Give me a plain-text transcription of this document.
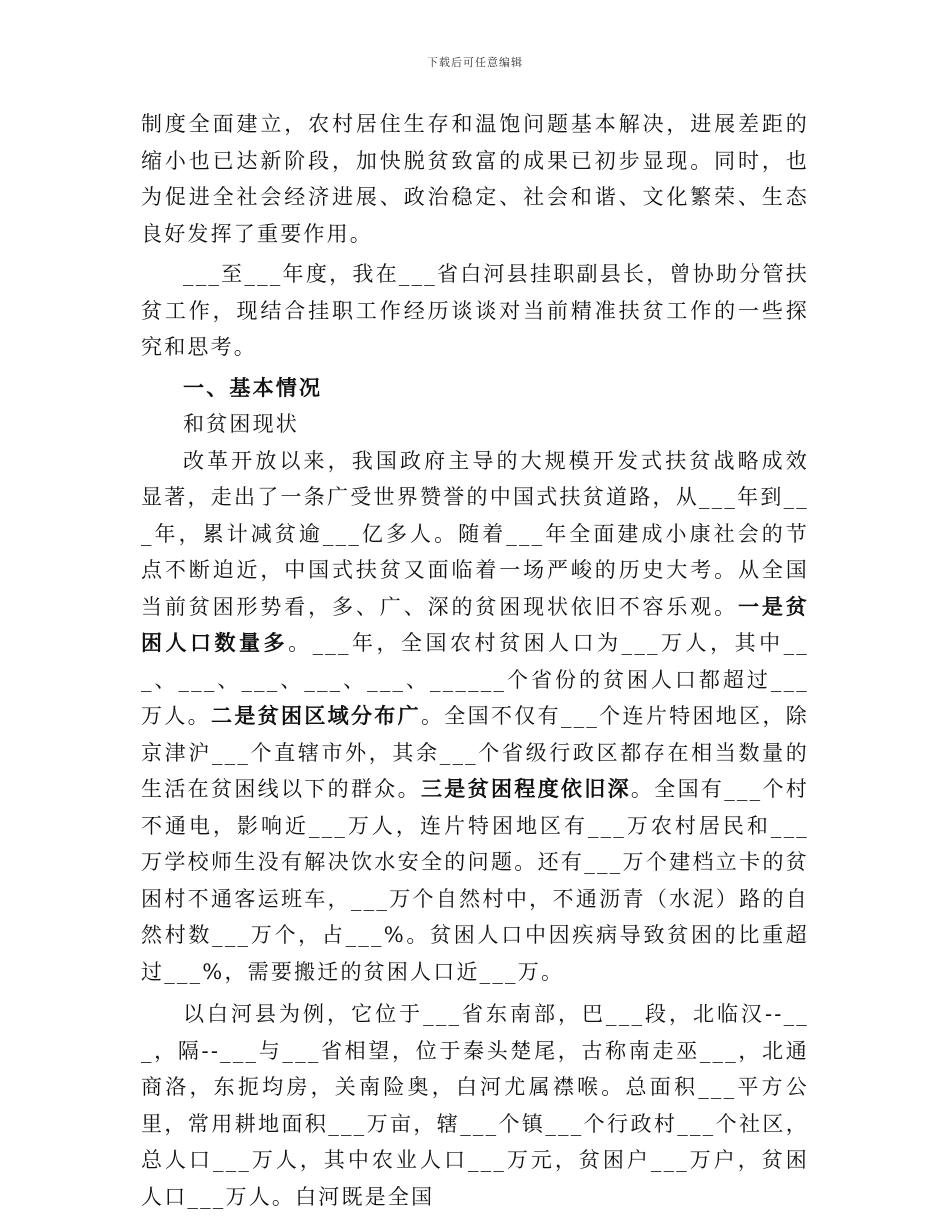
下载后可任意编辑

制度全面建立，农村居住生存和温饱问题基本解决，进展差距的缩小也已达新阶段，加快脱贫致富的成果已初步显现。同时，也为促进全社会经济进展、政治稳定、社会和谐、文化繁荣、生态良好发挥了重要作用。

___至___年度，我在___省白河县挂职副县长，曾协助分管扶贫工作，现结合挂职工作经历谈谈对当前精准扶贫工作的一些探究和思考。

一、基本情况

和贫困现状

改革开放以来，我国政府主导的大规模开发式扶贫战略成效显著，走出了一条广受世界赞誉的中国式扶贫道路，从___年到___年，累计减贫逾___亿多人。随着___年全面建成小康社会的节点不断迫近，中国式扶贫又面临着一场严峻的历史大考。从全国当前贫困形势看，多、广、深的贫困现状依旧不容乐观。一是贫困人口数量多。___年，全国农村贫困人口为___万人，其中___、___、___、___、___、______个省份的贫困人口都超过___万人。二是贫困区域分布广。全国不仅有___个连片特困地区，除京津沪___个直辖市外，其余___个省级行政区都存在相当数量的生活在贫困线以下的群众。三是贫困程度依旧深。全国有___个村不通电，影响近___万人，连片特困地区有___万农村居民和___万学校师生没有解决饮水安全的问题。还有___万个建档立卡的贫困村不通客运班车，___万个自然村中，不通沥青（水泥）路的自然村数___万个，占___%。贫困人口中因疾病导致贫困的比重超过___%，需要搬迁的贫困人口近___万。

以白河县为例，它位于___省东南部，巴___段，北临汉--___，隔--___与___省相望，位于秦头楚尾，古称南走巫___，北通商洛，东扼均房，关南险奥，白河尤属襟喉。总面积___平方公里，常用耕地面积___万亩，辖___个镇___个行政村___个社区，总人口___万人，其中农业人口___万元，贫困户___万户，贫困人口___万人。白河既是全国
